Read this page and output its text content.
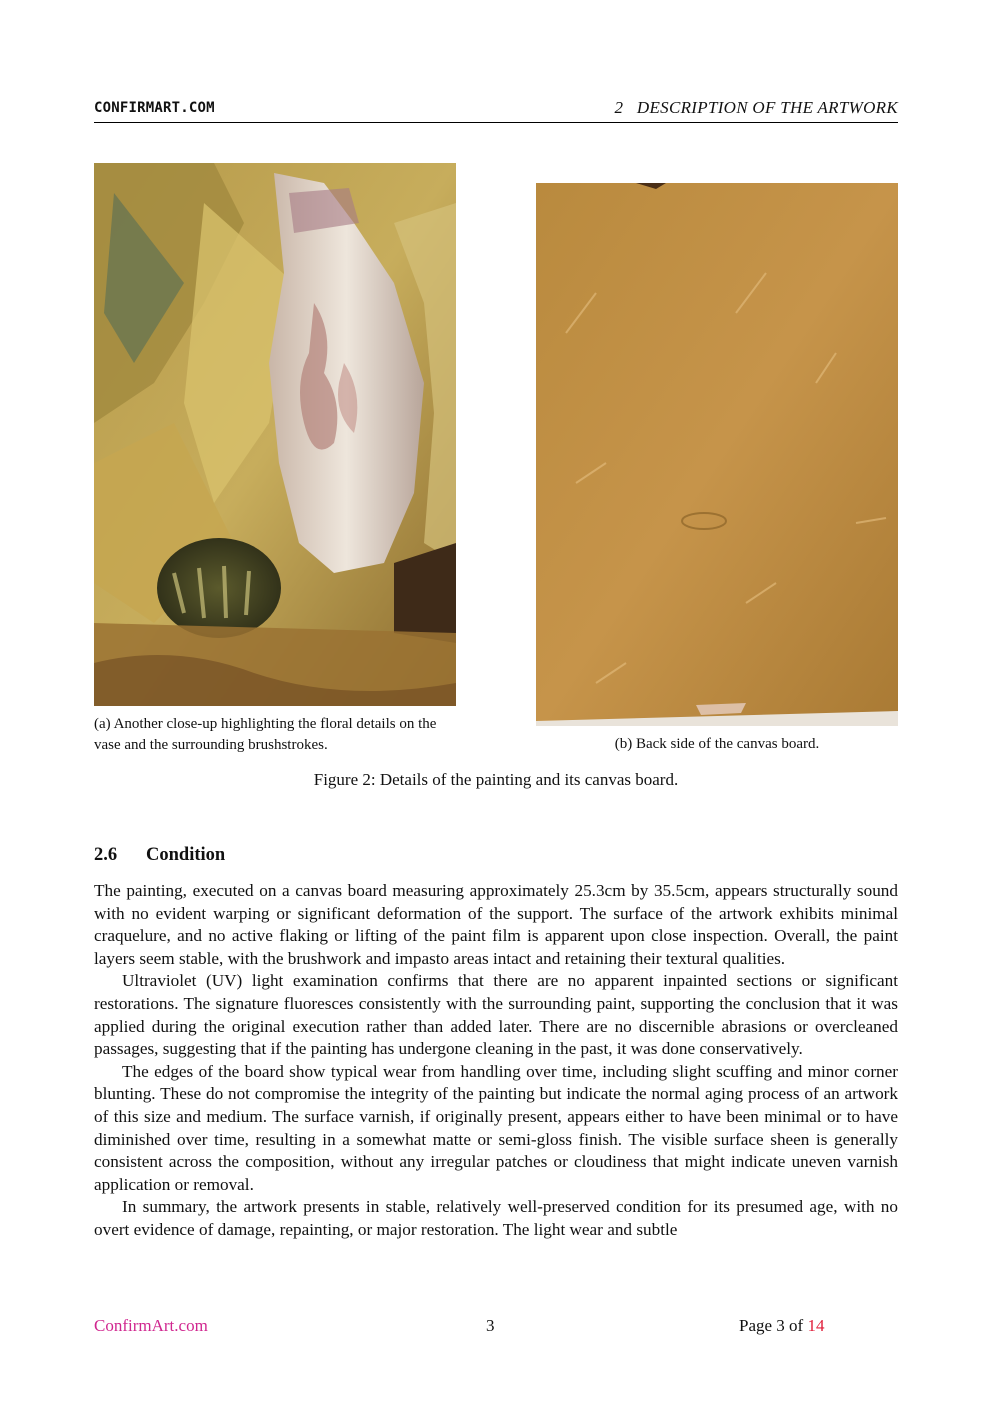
CONFIRMART.COM	2 DESCRIPTION OF THE ARTWORK
(a) Another close-up highlighting the floral details on the vase and the surrounding brushstrokes.	(b) Back side of the canvas board.
Figure 2: Details of the painting and its canvas board.
2.6 Condition

The painting, executed on a canvas board measuring approximately 25.3cm by 35.5cm, appears structurally sound with no evident warping or significant deformation of the support. The surface of the artwork exhibits minimal craquelure, and no active flaking or lifting of the paint film is apparent upon close inspection. Overall, the paint layers seem stable, with the brushwork and impasto areas intact and retaining their textural qualities.

Ultraviolet (UV) light examination confirms that there are no apparent inpainted sections or significant restorations. The signature fluoresces consistently with the surrounding paint, supporting the conclusion that it was applied during the original execution rather than added later. There are no discernible abrasions or overcleaned passages, suggesting that if the painting has undergone cleaning in the past, it was done conservatively.

The edges of the board show typical wear from handling over time, including slight scuffing and minor corner blunting. These do not compromise the integrity of the painting but indicate the normal aging process of an artwork of this size and medium. The surface varnish, if originally present, appears either to have been minimal or to have diminished over time, resulting in a somewhat matte or semi-gloss finish. The visible surface sheen is generally consistent across the composition, without any irregular patches or cloudiness that might indicate uneven varnish application or removal.

In summary, the artwork presents in stable, relatively well-preserved condition for its presumed age, with no overt evidence of damage, repainting, or major restoration. The light wear and subtle

ConfirmArt.com	3	Page 3 of 14
